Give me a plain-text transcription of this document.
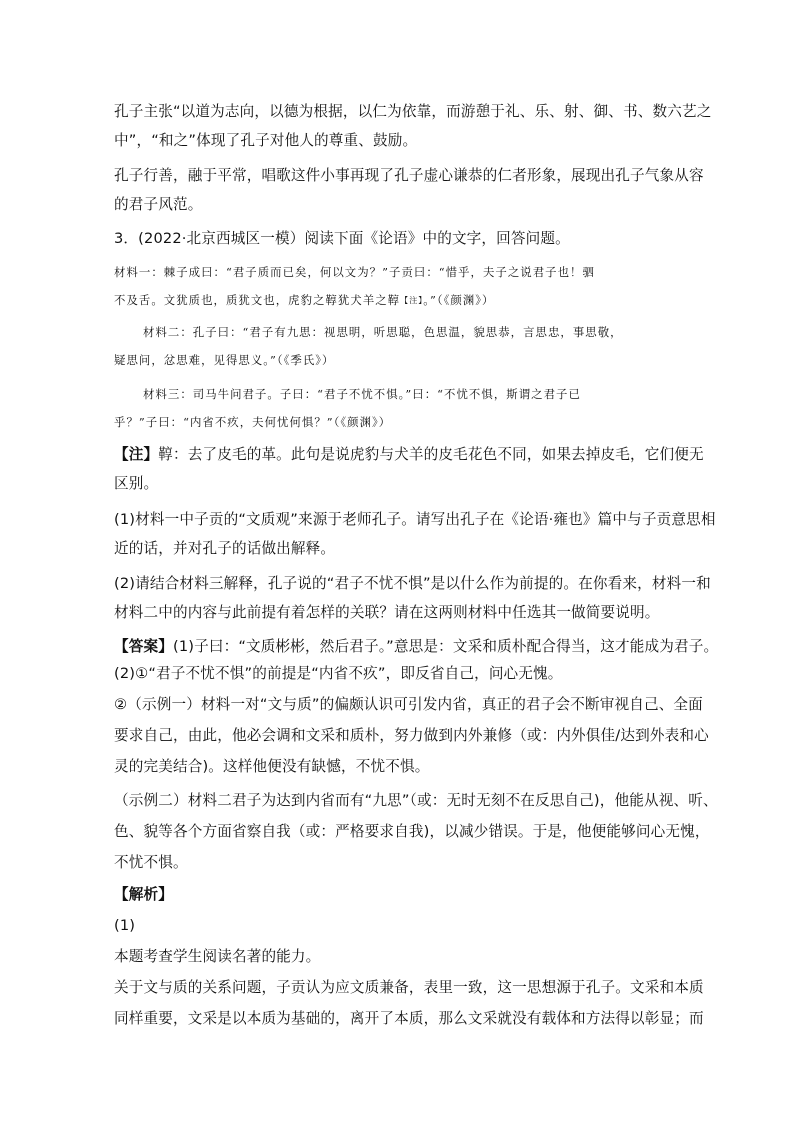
孔子主张“以道为志向，以德为根据，以仁为依靠，而游憩于礼、乐、射、御、书、数六艺之
中”，“和之”体现了孔子对他人的尊重、鼓励。
孔子行善，融于平常，唱歌这件小事再现了孔子虚心谦恭的仁者形象，展现出孔子气象从容
的君子风范。
3．(2022·北京西城区一模）阅读下面《论语》中的文字，回答问题。
材料一：棘子成曰：“君子质而已矣，何以文为？”子贡曰：“惜乎，夫子之说君子也！驷
不及舌。文犹质也，质犹文也，虎豹之鞟犹犬羊之鞟【注】。”（《颜渊》）
材料二：孔子曰：“君子有九思：视思明，听思聪，色思温，貌思恭，言思忠，事思敬，
疑思问，忿思难，见得思义。”（《季氏》）
材料三：司马牛问君子。子曰：“君子不忧不惧。”曰：“不忧不惧，斯谓之君子已
乎？”子曰：“内省不疚，夫何忧何惧？”（《颜渊》）
【注】鞟：去了皮毛的革。此句是说虎豹与犬羊的皮毛花色不同，如果去掉皮毛，它们便无
区别。
(1)材料一中子贡的“文质观”来源于老师孔子。请写出孔子在《论语·雍也》篇中与子贡意思相
近的话，并对孔子的话做出解释。
(2)请结合材料三解释，孔子说的“君子不忧不惧”是以什么作为前提的。在你看来，材料一和
材料二中的内容与此前提有着怎样的关联？请在这两则材料中任选其一做简要说明。
【答案】(1)子曰：“文质彬彬，然后君子。”意思是：文采和质朴配合得当，这才能成为君子。
(2)①“君子不忧不惧”的前提是“内省不疚”，即反省自己，问心无愧。
②（示例一）材料一对“文与质”的偏颇认识可引发内省，真正的君子会不断审视自己、全面
要求自己，由此，他必会调和文采和质朴，努力做到内外兼修（或：内外俱佳/达到外表和心
灵的完美结合)。这样他便没有缺憾，不忧不惧。
（示例二）材料二君子为达到内省而有“九思”（或：无时无刻不在反思自己)，他能从视、听、
色、貌等各个方面省察自我（或：严格要求自我)，以减少错误。于是，他便能够问心无愧，
不忧不惧。
【解析】
(1)
本题考查学生阅读名著的能力。
关于文与质的关系问题，子贡认为应文质兼备，表里一致，这一思想源于孔子。文采和本质
同样重要，文采是以本质为基础的，离开了本质，那么文采就没有载体和方法得以彰显；而
